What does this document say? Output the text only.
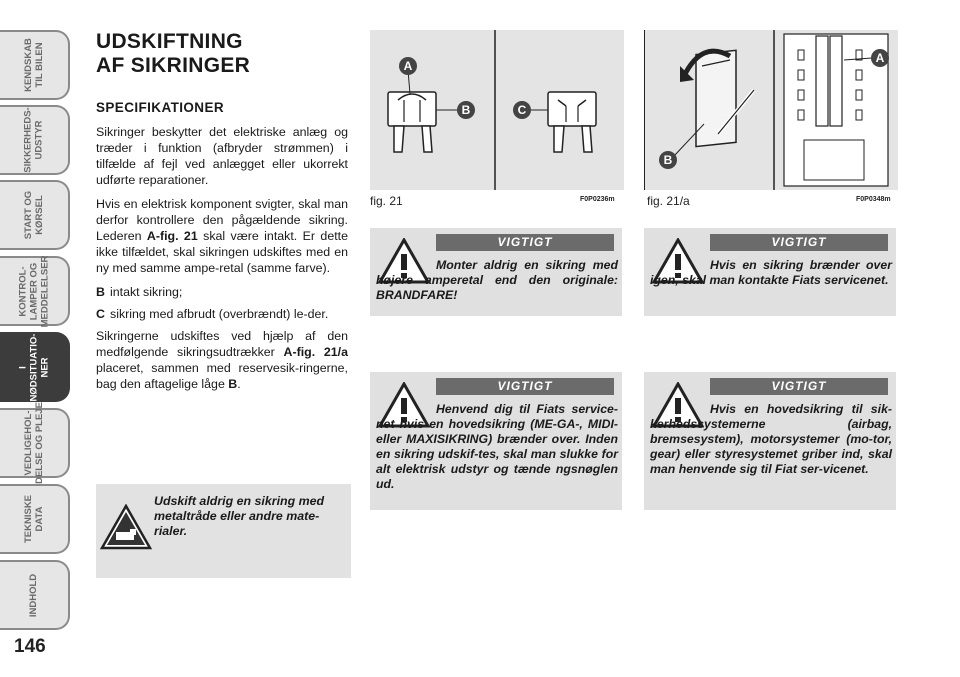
KENDSKAB
TIL BILEN
SIKKERHEDS-
UDSTYR
START OG
KØRSEL
KONTROL-
LAMPER OG
MEDDELELSER
I
NØDSITUATIO-
NER
VEDLIGEHOL-
DELSE OG PLEJE
TEKNISKE
DATA
INDHOLD
146
UDSKIFTNING
AF SIKRINGER
SPECIFIKATIONER

Sikringer beskytter det elektriske anlæg og træder i funktion (afbryder strømmen) i tilfælde af fejl ved anlægget eller ukorrekt udførte reparationer.

Hvis en elektrisk komponent svigter, skal man derfor kontrollere den pågældende sikring. Lederen A-fig. 21 skal være intakt. Er dette ikke tilfældet, skal sikringen udskiftes med en ny med samme ampe-retal (samme farve).

B intakt sikring;
C sikring med afbrudt (overbrændt) le-der.

Sikringerne udskiftes ved hjælp af den medfølgende sikringsudtrækker A-fig. 21/a placeret, sammen med reservesik-ringerne, bag den aftagelige låge B.

Udskift aldrig en sikring med metaltråde eller andre mate-rialer.
A
B	C
fig. 21	F0P0236m
B
A
fig. 21/a	F0P0348m
VIGTIGT
Monter aldrig en sikring med højere amperetal end den originale: BRANDFARE!
VIGTIGT
Hvis en sikring brænder over igen, skal man kontakte Fiats servicenet.
VIGTIGT
Henvend dig til Fiats service-net hvis en hovedsikring (ME-GA-, MIDI- eller MAXISIKRING) brænder over. Inden en sikring udskif-tes, skal man slukke for alt elektrisk udstyr og tænde ngsnøglen ud.
VIGTIGT
Hvis en hovedsikring til sik-kerhedssystemerne (airbag, bremsesystem), motorsystemer (mo-tor, gear) eller styresystemet griber ind, skal man henvende sig til Fiat ser-vicenet.
